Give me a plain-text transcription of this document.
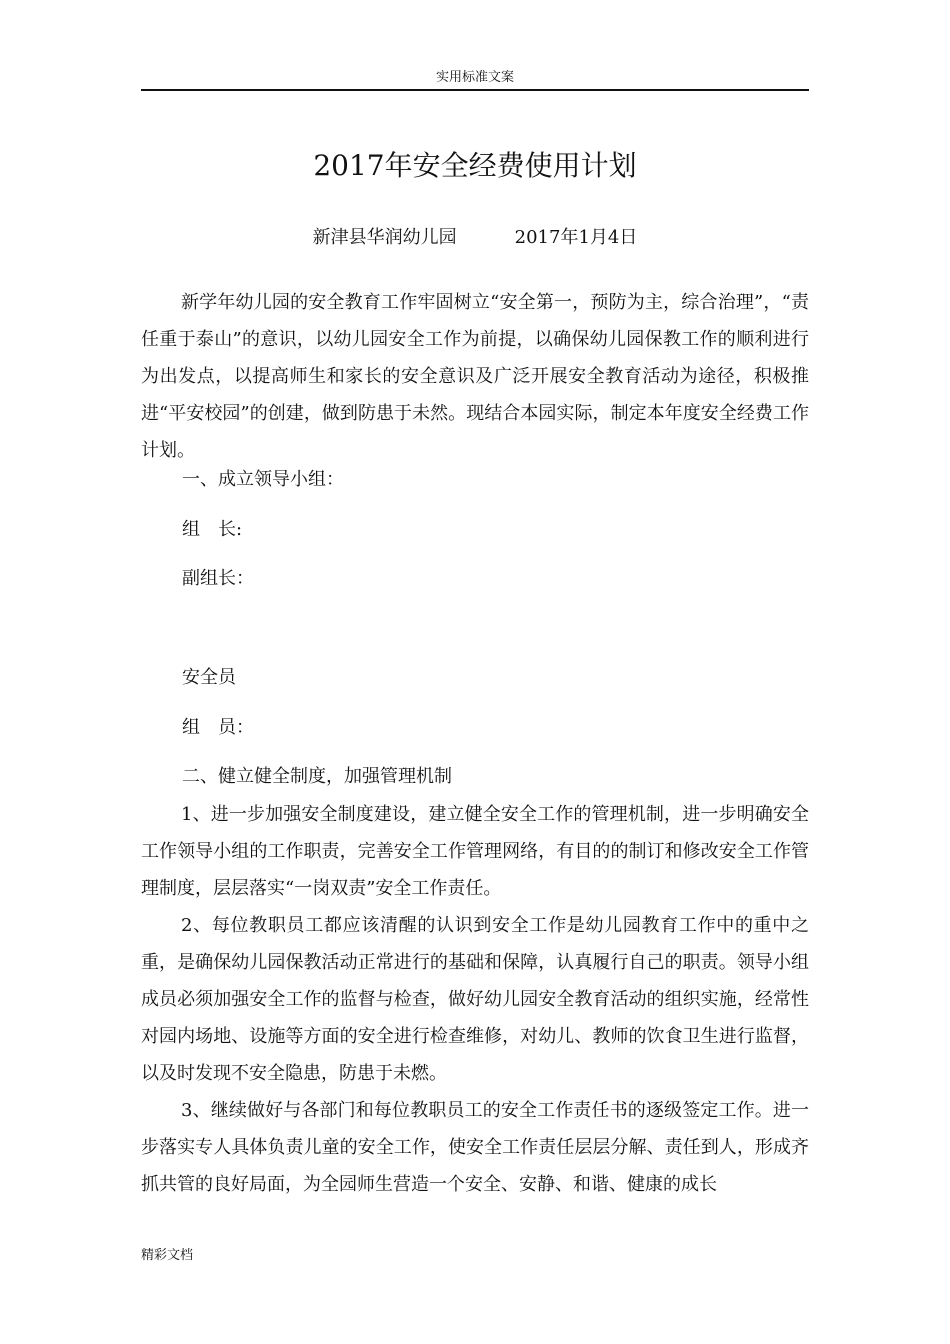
实用标准文案
2017年安全经费使用计划
新津县华润幼儿园	2017年1月4日

新学年幼儿园的安全教育工作牢固树立“安全第一，预防为主，综合治理”，“责任重于泰山”的意识，以幼儿园安全工作为前提，以确保幼儿园保教工作的顺利进行为出发点，以提高师生和家长的安全意识及广泛开展安全教育活动为途径，积极推进“平安校园”的创建，做到防患于未然。现结合本园实际，制定本年度安全经费工作计划。

一、成立领导小组：
组　长:
副组长：
安全员
组　员：
二、健立健全制度，加强管理机制

1、进一步加强安全制度建设，建立健全安全工作的管理机制，进一步明确安全工作领导小组的工作职责，完善安全工作管理网络，有目的的制订和修改安全工作管理制度，层层落实“一岗双责”安全工作责任。

2、每位教职员工都应该清醒的认识到安全工作是幼儿园教育工作中的重中之重，是确保幼儿园保教活动正常进行的基础和保障，认真履行自己的职责。领导小组成员必须加强安全工作的监督与检查，做好幼儿园安全教育活动的组织实施，经常性对园内场地、设施等方面的安全进行检查维修，对幼儿、教师的饮食卫生进行监督，以及时发现不安全隐患，防患于未燃。

3、继续做好与各部门和每位教职员工的安全工作责任书的逐级签定工作。进一步落实专人具体负责儿童的安全工作，使安全工作责任层层分解、责任到人，形成齐抓共管的良好局面，为全园师生营造一个安全、安静、和谐、健康的成长

精彩文档
